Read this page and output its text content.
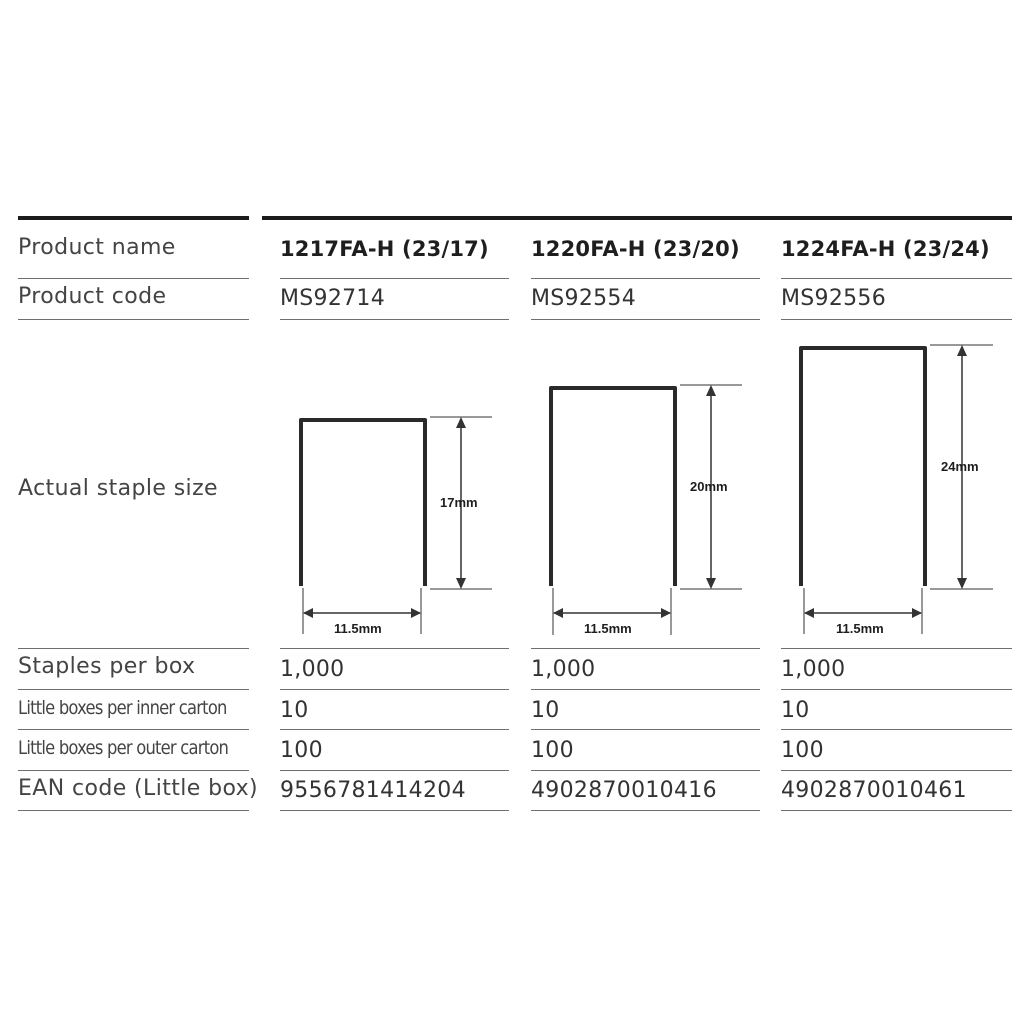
Product name
Product code
Actual staple size
Staples per box
Little boxes per inner carton
Little boxes per outer carton
EAN code (Little box)
1217FA-H (23/17)
MS92714
1,000
10
100
9556781414204
1220FA-H (23/20)
MS92554
1,000
10
100
4902870010416
1224FA-H (23/24)
MS92556
1,000
10
100
4902870010461
17mm
11.5mm
20mm
11.5mm
24mm
11.5mm
